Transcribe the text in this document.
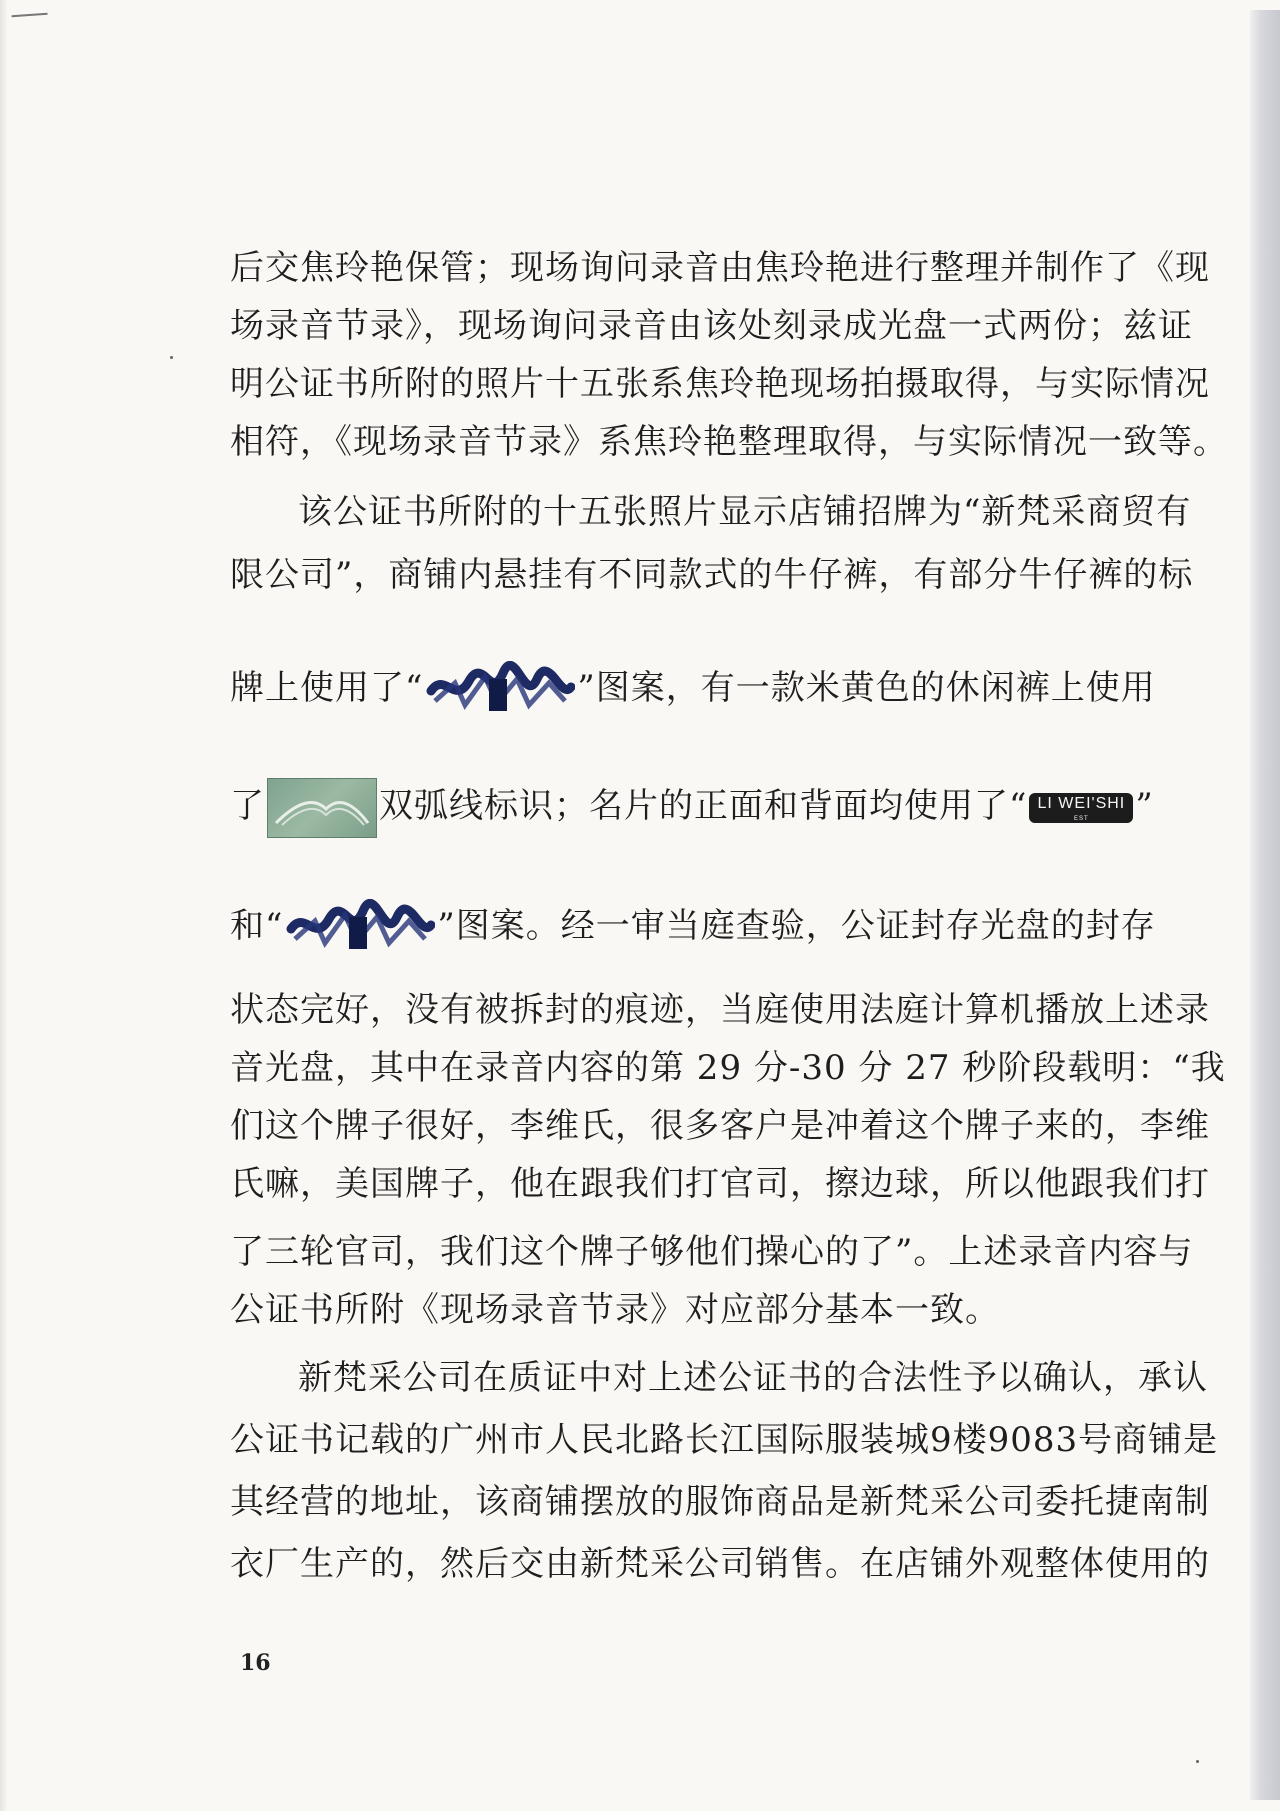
后交焦玲艳保管；现场询问录音由焦玲艳进行整理并制作了《现
场录音节录》，现场询问录音由该处刻录成光盘一式两份；兹证
明公证书所附的照片十五张系焦玲艳现场拍摄取得，与实际情况
相符，《现场录音节录》系焦玲艳整理取得，与实际情况一致等。
该公证书所附的十五张照片显示店铺招牌为“新梵采商贸有
限公司”，商铺内悬挂有不同款式的牛仔裤，有部分牛仔裤的标
牌上使用了“	”图案，有一款米黄色的休闲裤上使用
了	双弧线标识；名片的正面和背面均使用了“ LI WEI'SHI
EST	”
和“	”图案。经一审当庭查验，公证封存光盘的封存
状态完好，没有被拆封的痕迹，当庭使用法庭计算机播放上述录
音光盘，其中在录音内容的第 29 分-30 分 27 秒阶段载明：“我
们这个牌子很好，李维氏，很多客户是冲着这个牌子来的，李维
氏嘛，美国牌子，他在跟我们打官司，擦边球，所以他跟我们打
了三轮官司，我们这个牌子够他们操心的了”。上述录音内容与
公证书所附《现场录音节录》对应部分基本一致。
新梵采公司在质证中对上述公证书的合法性予以确认，承认
公证书记载的广州市人民北路长江国际服装城9楼9083号商铺是
其经营的地址，该商铺摆放的服饰商品是新梵采公司委托捷南制
衣厂生产的，然后交由新梵采公司销售。在店铺外观整体使用的
16
